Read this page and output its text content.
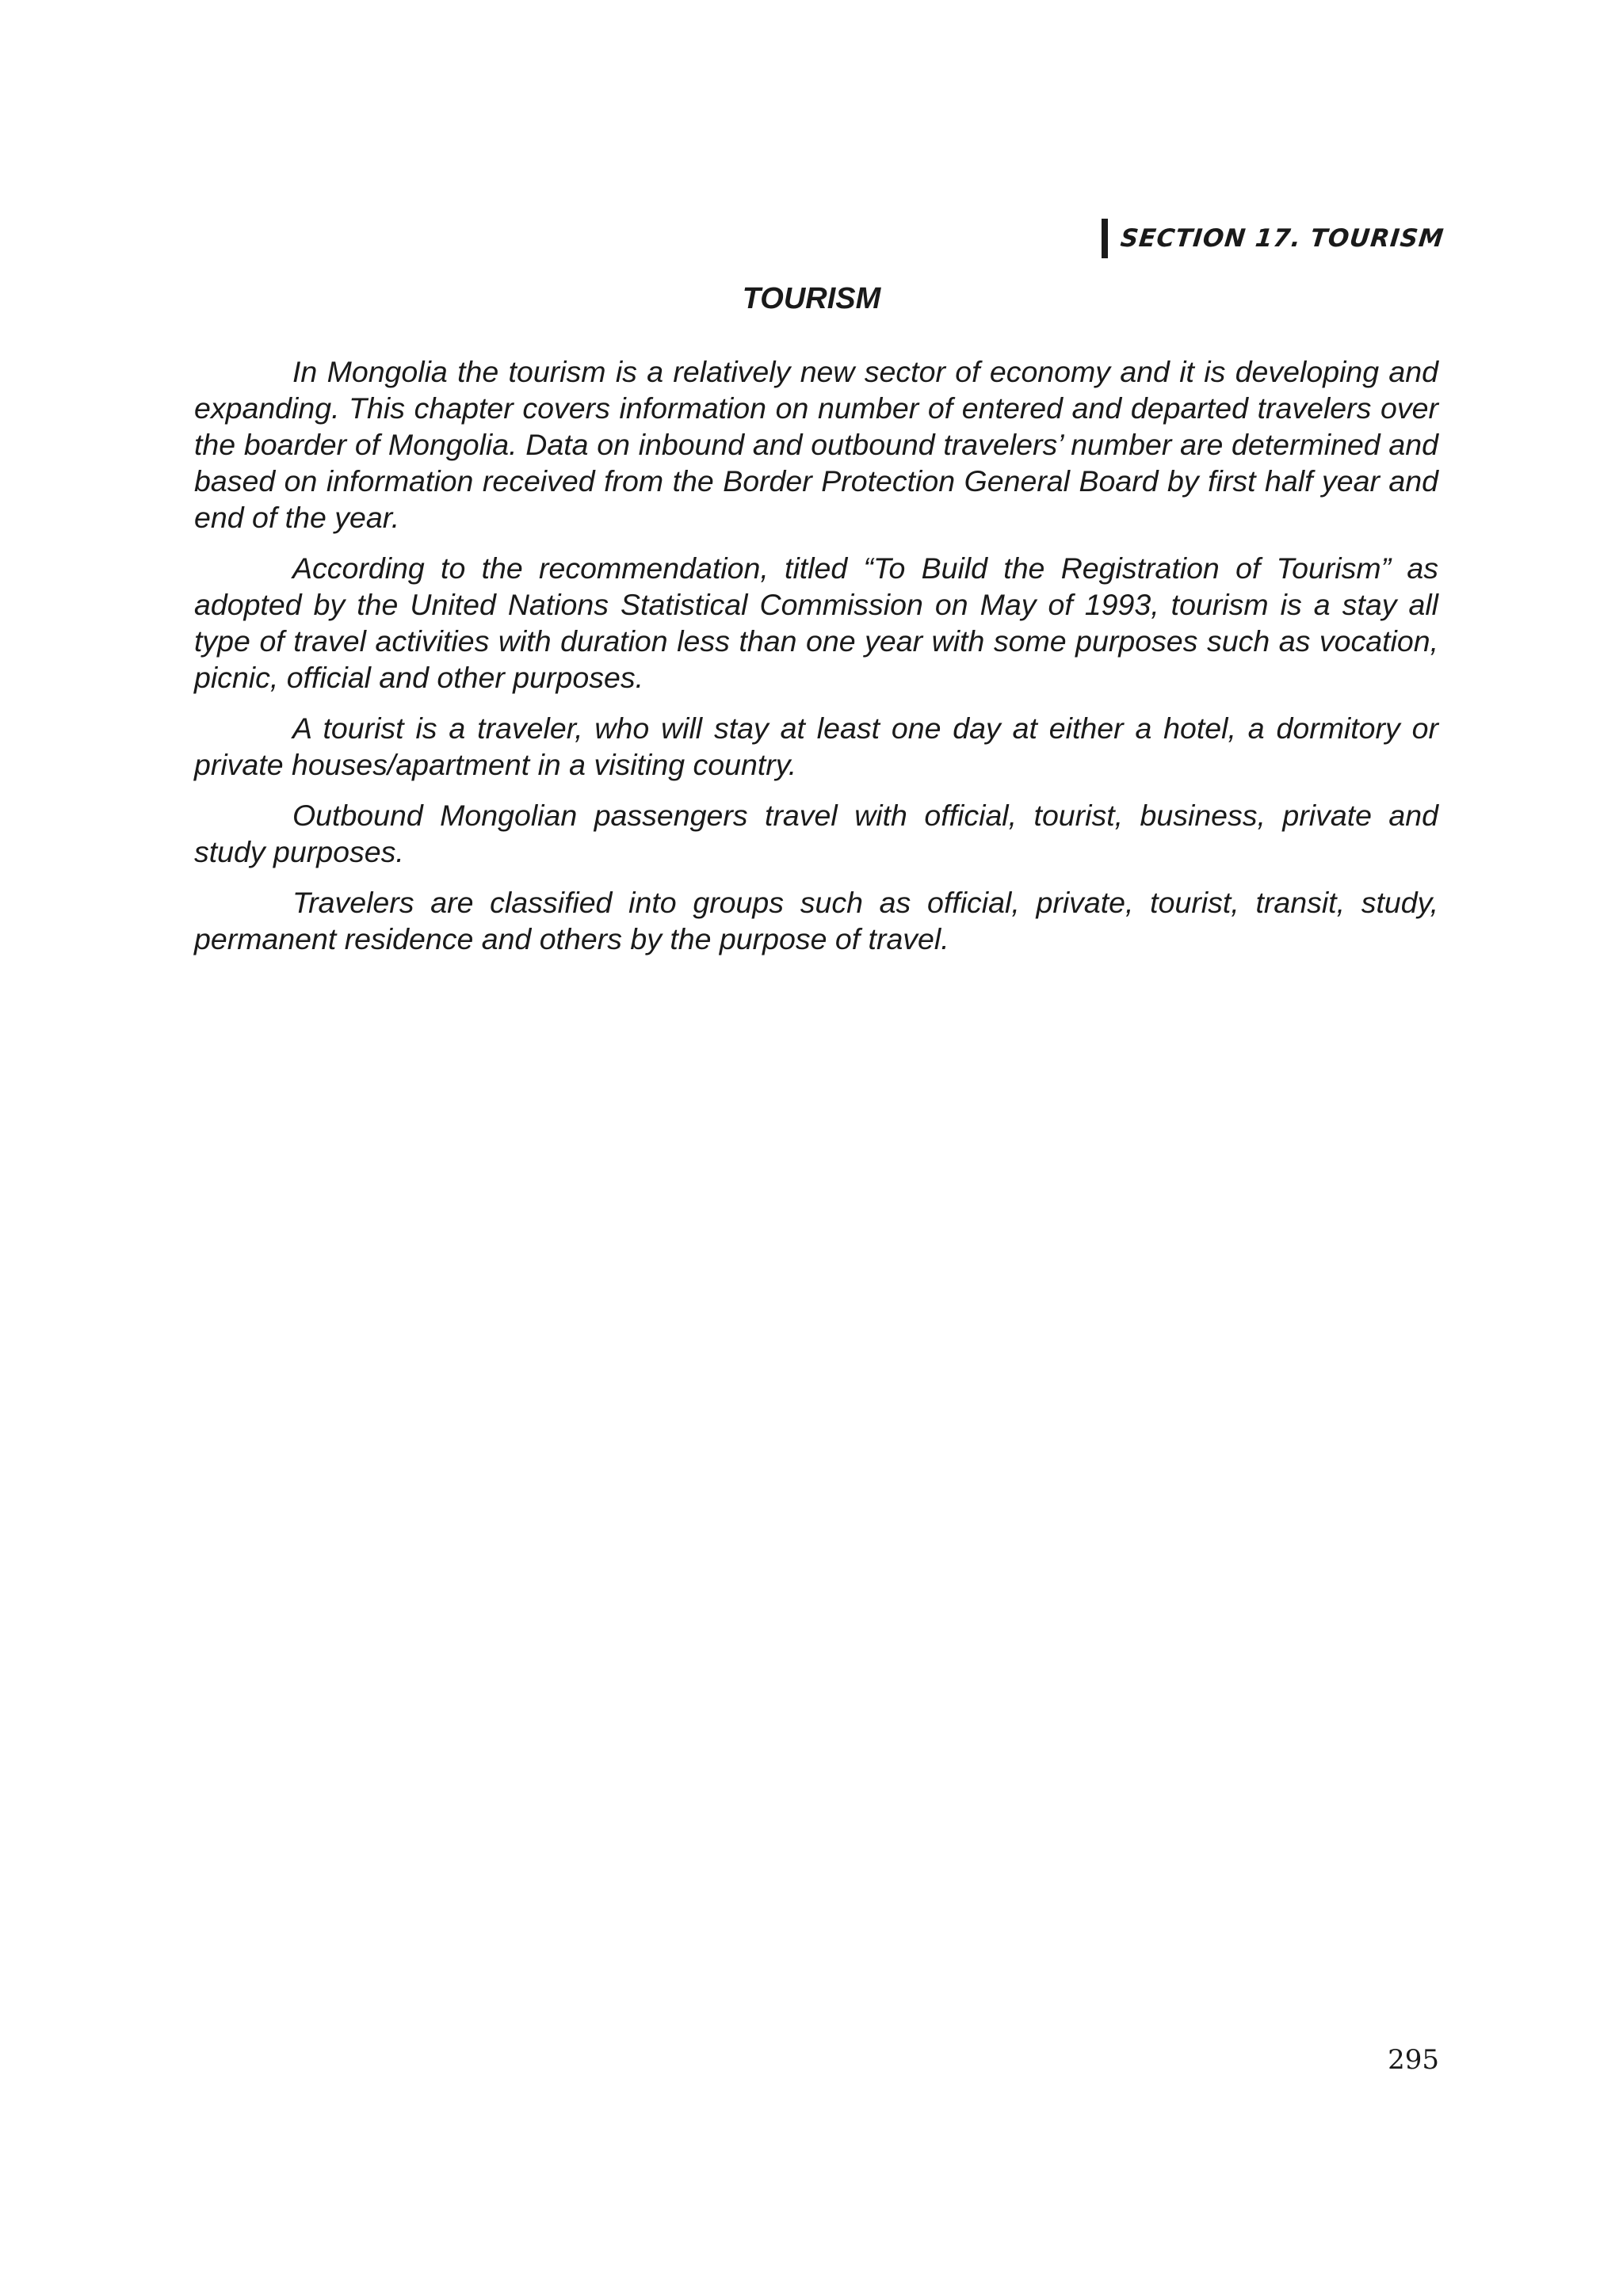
SECTION 17. TOURISM
TOURISM

In Mongolia the tourism is a relatively new sector of economy and it is developing and expanding. This chapter covers information on number of entered and departed travelers over the boarder of Mongolia. Data on inbound and outbound travelers’ number are determined and based on information received from the Border Protection General Board by first half year and end of the year.

According to the recommendation, titled “To Build the Registration of Tourism” as adopted by the United Nations Statistical Commission on May of 1993, tourism is a stay all type of travel activities with duration less than one year with some purposes such as vocation, picnic, official and other purposes.

A tourist is a traveler, who will stay at least one day at either a hotel, a dormitory or private houses/apartment in a visiting country.

Outbound Mongolian passengers travel with official, tourist, business, private and study purposes.

Travelers are classified into groups such as official, private, tourist, transit, study, permanent residence and others by the purpose of travel.

295
